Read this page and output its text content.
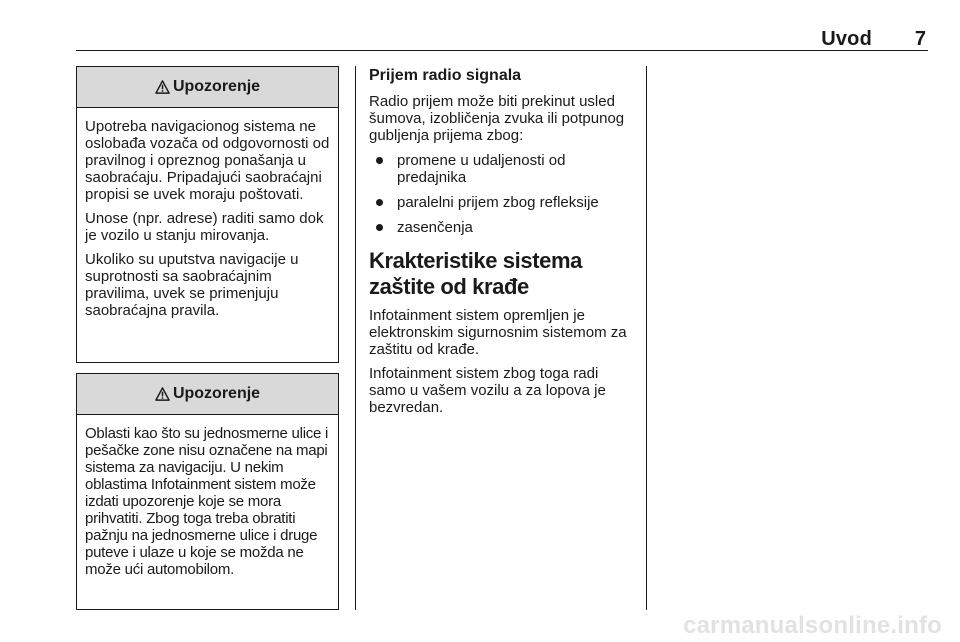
Uvod 7
Upozorenje

Upotreba navigacionog sistema ne oslobađa vozača od odgovornosti od pravilnog i opreznog ponašanja u saobraćaju. Pripadajući saobraćajni propisi se uvek moraju poštovati.

Unose (npr. adrese) raditi samo dok je vozilo u stanju mirovanja.

Ukoliko su uputstva navigacije u suprotnosti sa saobraćajnim pravilima, uvek se primenjuju saobraćajna pravila.

Upozorenje

Oblasti kao što su jednosmerne ulice i pešačke zone nisu označene na mapi sistema za navigaciju. U nekim oblastima Infotainment sistem može izdati upozorenje koje se mora prihvatiti. Zbog toga treba obratiti pažnju na jednosmerne ulice i druge puteve i ulaze u koje se možda ne može ući automobilom.

Prijem radio signala

Radio prijem može biti prekinut usled šumova, izobličenja zvuka ili potpunog gubljenja prijema zbog:

promene u udaljenosti od predajnika
paralelni prijem zbog refleksije
zasenčenja
Krakteristike sistema zaštite od krađe

Infotainment sistem opremljen je elektronskim sigurnosnim sistemom za zaštitu od krađe.

Infotainment sistem zbog toga radi samo u vašem vozilu a za lopova je bezvredan.

carmanualsonline.info
